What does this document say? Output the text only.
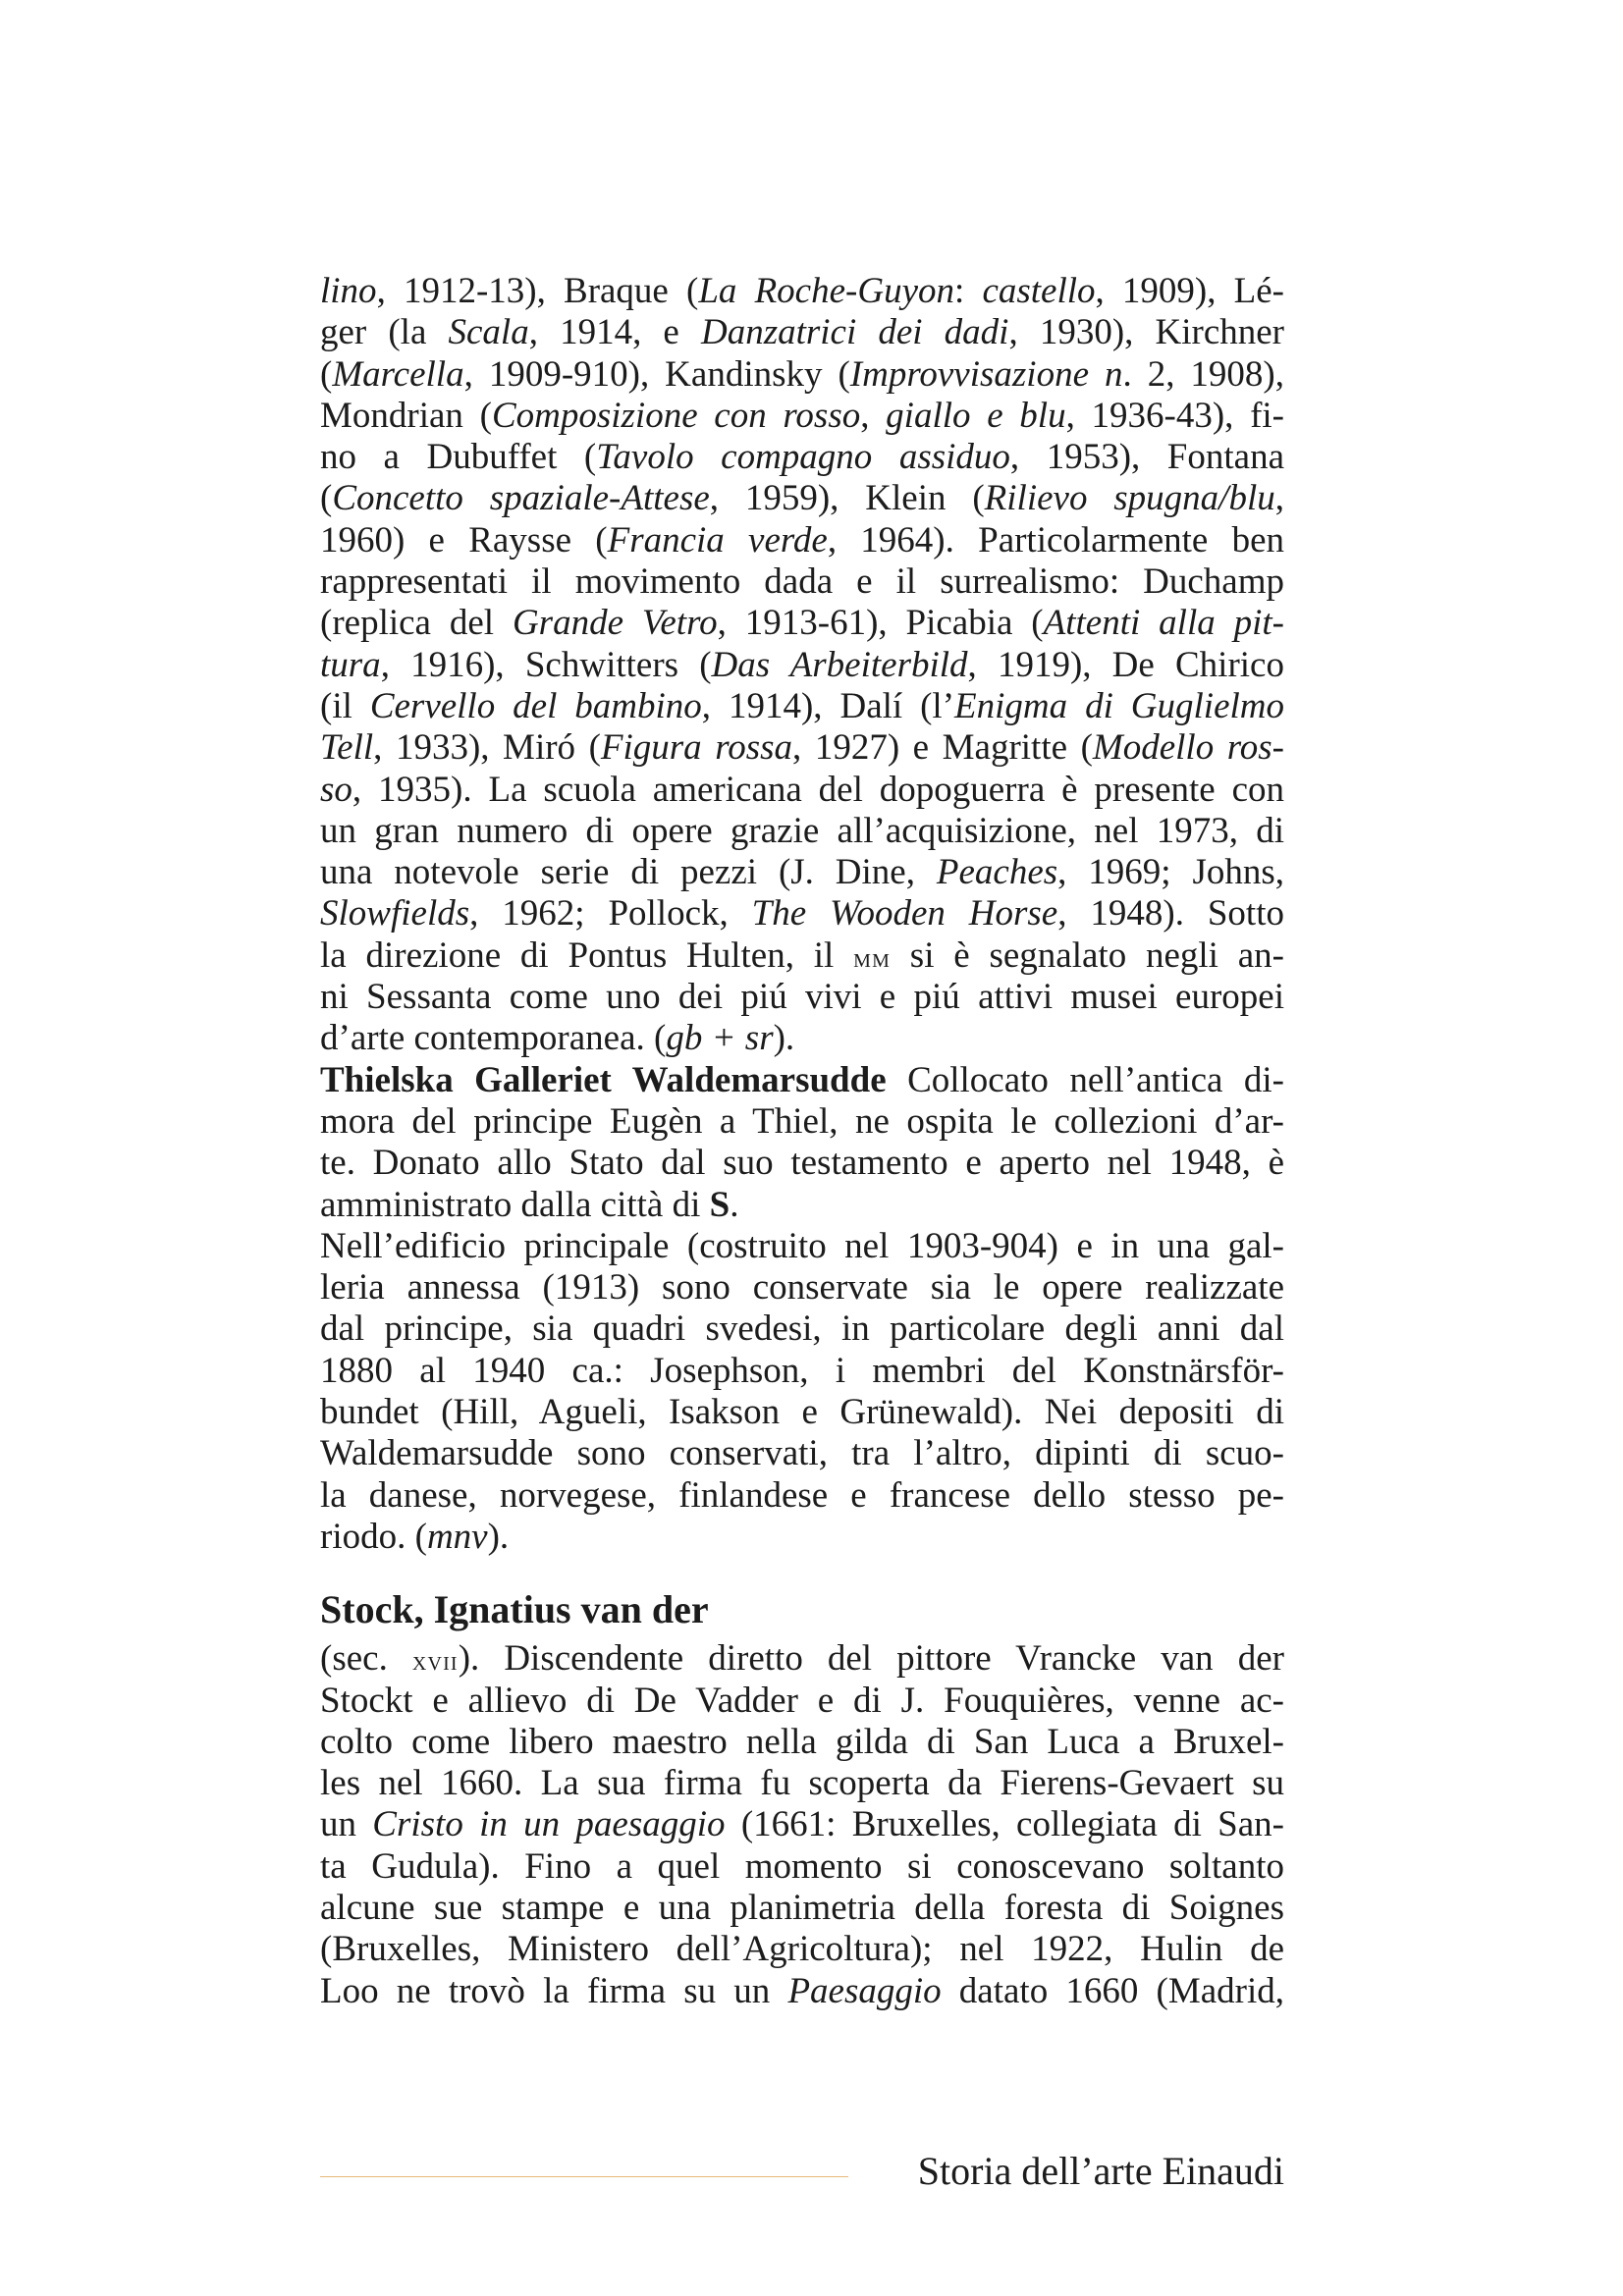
lino, 1912-13), Braque (La Roche-Guyon: castello, 1909), Lé-
ger (la Scala, 1914, e Danzatrici dei dadi, 1930), Kirchner
(Marcella, 1909-910), Kandinsky (Improvvisazione n. 2, 1908),
Mondrian (Composizione con rosso, giallo e blu, 1936-43), fi-
no a Dubuffet (Tavolo compagno assiduo, 1953), Fontana
(Concetto spaziale-Attese, 1959), Klein (Rilievo spugna/blu,
1960) e Raysse (Francia verde, 1964). Particolarmente ben
rappresentati il movimento dada e il surrealismo: Duchamp
(replica del Grande Vetro, 1913-61), Picabia (Attenti alla pit-
tura, 1916), Schwitters (Das Arbeiterbild, 1919), De Chirico
(il Cervello del bambino, 1914), Dalí (l’Enigma di Guglielmo
Tell, 1933), Miró (Figura rossa, 1927) e Magritte (Modello ros-
so, 1935). La scuola americana del dopoguerra è presente con
un gran numero di opere grazie all’acquisizione, nel 1973, di
una notevole serie di pezzi (J. Dine, Peaches, 1969; Johns,
Slowfields, 1962; Pollock, The Wooden Horse, 1948). Sotto
la direzione di Pontus Hulten, il mm si è segnalato negli an-
ni Sessanta come uno dei piú vivi e piú attivi musei europei
d’arte contemporanea. (gb + sr).
Thielska Galleriet Waldemarsudde Collocato nell’antica di-
mora del principe Eugèn a Thiel, ne ospita le collezioni d’ar-
te. Donato allo Stato dal suo testamento e aperto nel 1948, è
amministrato dalla città di S.
Nell’edificio principale (costruito nel 1903-904) e in una gal-
leria annessa (1913) sono conservate sia le opere realizzate
dal principe, sia quadri svedesi, in particolare degli anni dal
1880 al 1940 ca.: Josephson, i membri del Konstnärsför-
bundet (Hill, Agueli, Isakson e Grünewald). Nei depositi di
Waldemarsudde sono conservati, tra l’altro, dipinti di scuo-
la danese, norvegese, finlandese e francese dello stesso pe-
riodo. (mnv).
Stock, Ignatius van der
(sec. xvii). Discendente diretto del pittore Vrancke van der
Stockt e allievo di De Vadder e di J. Fouquières, venne ac-
colto come libero maestro nella gilda di San Luca a Bruxel-
les nel 1660. La sua firma fu scoperta da Fierens-Gevaert su
un Cristo in un paesaggio (1661: Bruxelles, collegiata di San-
ta Gudula). Fino a quel momento si conoscevano soltanto
alcune sue stampe e una planimetria della foresta di Soignes
(Bruxelles, Ministero dell’Agricoltura); nel 1922, Hulin de
Loo ne trovò la firma su un Paesaggio datato 1660 (Madrid,
Storia dell’arte Einaudi
